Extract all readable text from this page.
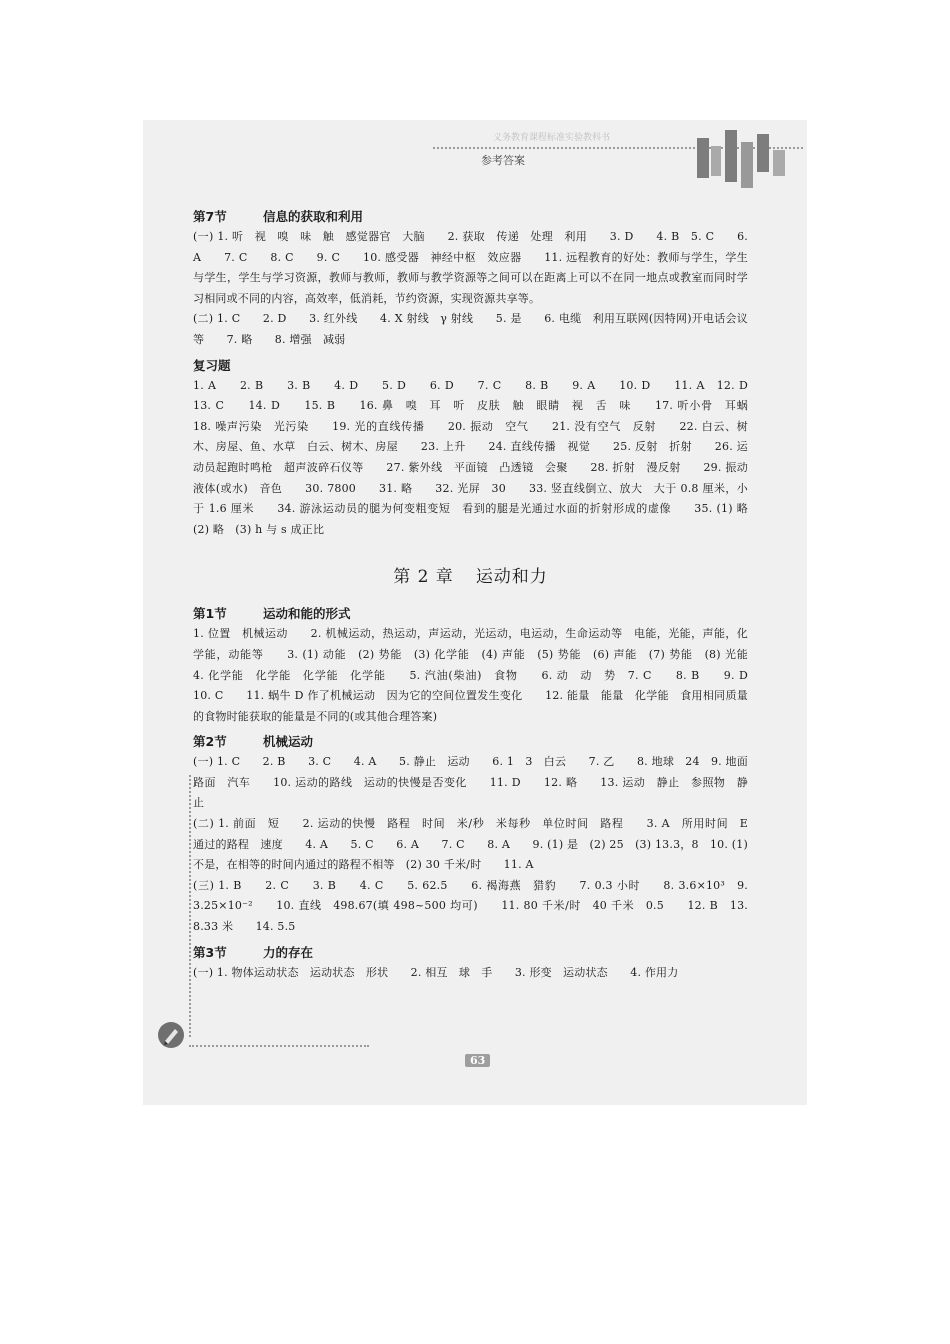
义务教育课程标准实验教科书
参考答案
第7节	信息的获取和利用

(一) 1. 听　视　嗅　味　触　感觉器官　大脑　　2. 获取　传递　处理　利用　　3. D　　4. B　5. C　　6. A　　7. C　　8. C　　9. C　　10. 感受器　神经中枢　效应器　　11. 远程教育的好处：教师与学生，学生与学生，学生与学习资源，教师与教师，教师与教学资源等之间可以在距离上可以不在同一地点或教室而同时学习相同或不同的内容，高效率，低消耗，节约资源，实现资源共享等。

(二) 1. C　　2. D　　3. 红外线　　4. X 射线　γ 射线　　5. 是　　6. 电缆　利用互联网(因特网)开电话会议等　　7. 略　　8. 增强　减弱

复习题

1. A　　2. B　　3. B　　4. D　　5. D　　6. D　　7. C　　8. B　　9. A　　10. D　　11. A　12. D　　13. C　　14. D　　15. B　　16. 鼻　嗅　耳　听　皮肤　触　眼睛　视　舌　味　　17. 听小骨　耳蜗　　18. 噪声污染　光污染　　19. 光的直线传播　　20. 振动　空气　　21. 没有空气　反射　　22. 白云、树木、房屋、鱼、水草　白云、树木、房屋　　23. 上升　　24. 直线传播　视觉　　25. 反射　折射　　26. 运动员起跑时鸣枪　超声波碎石仪等　　27. 紫外线　平面镜　凸透镜　会聚　　28. 折射　漫反射　　29. 振动　液体(或水)　音色　　30. 7800　　31. 略　　32. 光屏　30　　33. 竖直线倒立、放大　大于 0.8 厘米，小于 1.6 厘米　　34. 游泳运动员的腿为何变粗变短　看到的腿是光通过水面的折射形成的虚像　　35. (1) 略　(2) 略　(3) h 与 s 成正比

第 2 章 运动和力
第1节	运动和能的形式

1. 位置　机械运动　　2. 机械运动，热运动，声运动，光运动，电运动，生命运动等　电能，光能，声能，化学能，动能等　　3. (1) 动能　(2) 势能　(3) 化学能　(4) 声能　(5) 势能　(6) 声能　(7) 势能　(8) 光能　　4. 化学能　化学能　化学能　化学能　　5. 汽油(柴油)　食物　　6. 动　动　势　7. C　　8. B　　9. D　　10. C　　11. 蜗牛 D 作了机械运动　因为它的空间位置发生变化　　12. 能量　能量　化学能　食用相同质量的食物时能获取的能量是不同的(或其他合理答案)

第2节	机械运动

(一) 1. C　　2. B　　3. C　　4. A　　5. 静止　运动　　6. 1　3　白云　　7. 乙　　8. 地球　24　9. 地面　路面　汽车　　10. 运动的路线　运动的快慢是否变化　　11. D　　12. 略　　13. 运动　静止　参照物　静止

(二) 1. 前面　短　　2. 运动的快慢　路程　时间　米/秒　米每秒　单位时间　路程　　3. A　所用时间　E　通过的路程　速度　　4. A　　5. C　　6. A　　7. C　　8. A　　9. (1) 是　(2) 25　(3) 13.3，8　10. (1) 不是，在相等的时间内通过的路程不相等　(2) 30 千米/时　　11. A

(三) 1. B　　2. C　　3. B　　4. C　　5. 62.5　　6. 褐海燕　猎豹　　7. 0.3 小时　　8. 3.6×10³　9. 3.25×10⁻²　　10. 直线　498.67(填 498~500 均可)　　11. 80 千米/时　40 千米　0.5　　12. B　13. 8.33 米　　14. 5.5

第3节	力的存在

(一) 1. 物体运动状态　运动状态　形状　　2. 相互　球　手　　3. 形变　运动状态　　4. 作用力

63
